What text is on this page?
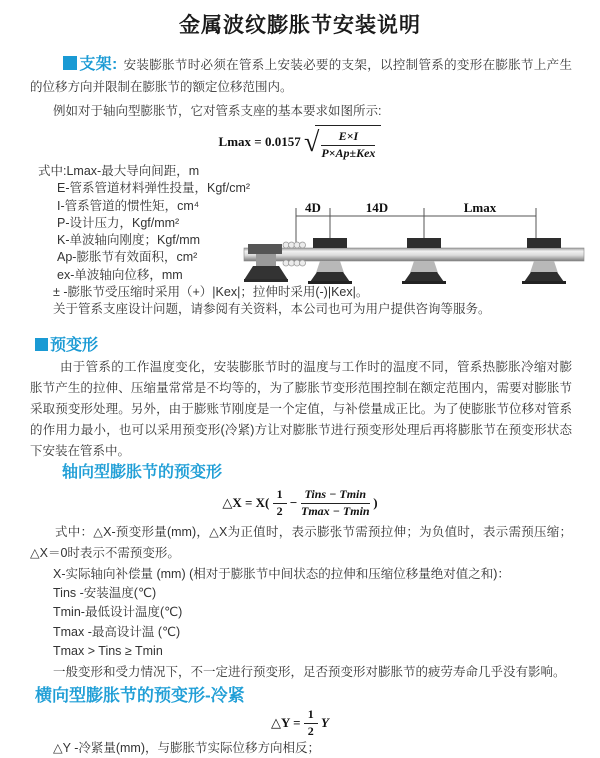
金属波纹膨胀节安装说明

支架: 安装膨胀节时必须在管系上安装必要的支架，以控制管系的变形在膨胀节上产生的位移方向并限制在膨胀节的额定位移范围内。

例如对于轴向型膨胀节，它对管系支座的基本要求如图所示:
Lmax = 0.0157 √ $\frac{E\times I}{\text{P×Ap±Kex}}$
式中:Lmax-最大导向间距，m
E-管系管道材料弹性投量，Kgf/cm²
I-管系管道的惯性矩，cm⁴
P-设计压力，Kgf/mm²
K-单波轴向刚度；Kgf/mm
Ap-膨胀节有效面积，cm²
ex-单波轴向位移，mm
± -膨胀节受压缩时采用（+）|Kex|；拉伸时采用(-)|Kex|。
关于管系支座设计问题，请参阅有关资料，本公司也可为用户提供咨询等服务。
4D	14D	Lmax
预变形

由于管系的工作温度变化，安装膨胀节时的温度与工作时的温度不同，管系热膨胀冷缩对膨胀节产生的拉伸、压缩量常常是不均等的，为了膨胀节变形范围控制在额定范围内，需要对膨胀节采取预变形处理。另外，由于膨账节刚度是一个定值，与补偿量成正比。为了使膨胀节位移对管系的作用力最小，也可以采用预变形(冷紧)方让对膨胀节进行预变形处理后再将膨胀节在预变形状态下安装在管系中。

轴向型膨胀节的预变形
△X = $X( \frac{1}{2} - \frac{\text{Tins − Tmin}}{Tmax - Tmin}$ )

式中：△X-预变形量(mm)，△X为正值时，表示膨张节需预拉伸；为负值时，表示需预压缩；△X＝0时表示不需预变形。

X-实际轴向补偿量 (mm) (相对于膨胀节中间状态的拉伸和压缩位移量绝对值之和)：
Tins -安装温度(℃)
Tmin-最低设计温度(℃)
Tmax -最高设计温 (℃)
Tmax > Tins ≥ Tmin
一般变形和受力情况下，不一定进行预变形，足否预变形对膨胀节的疲劳寿命几乎没有影响。
横向型膨胀节的预变形-冷紧
△Y = $\frac{1}{2}$ Y
△Y -冷紧量(mm)，与膨胀节实际位移方向相反；
